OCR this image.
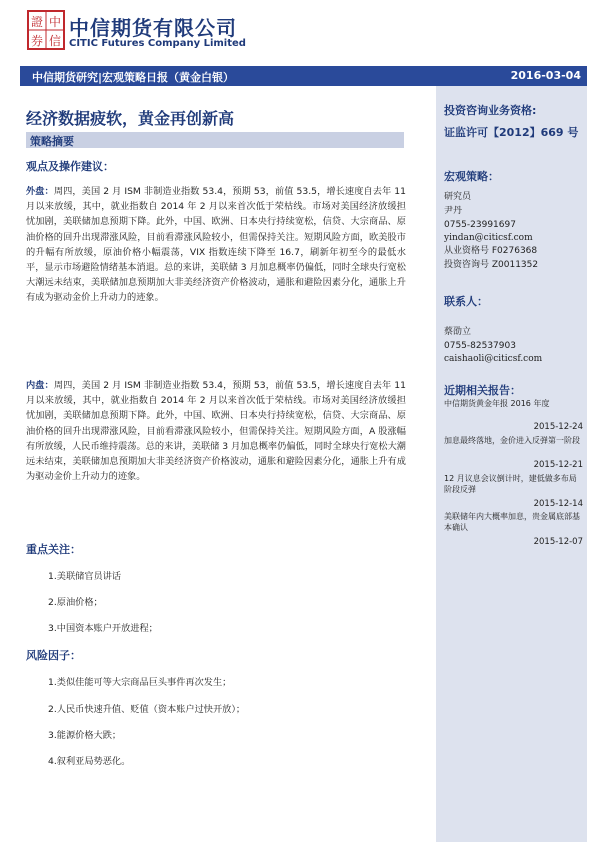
證 中
券 信
中信期货有限公司
CITIC Futures Company Limited
中信期货研究|宏观策略日报（黄金白银）	2016-03-04
经济数据疲软，黄金再创新高
策略摘要
观点及操作建议：
外盘：周四，美国 2 月 ISM 非制造业指数 53.4，预期 53，前值 53.5，增长速度自去年 11 月以来放缓，其中，就业指数自 2014 年 2 月以来首次低于荣枯线。市场对美国经济放缓担忧加剧，美联储加息预期下降。此外，中国、欧洲、日本央行持续宽松，信贷、大宗商品、原油价格的回升出现滞涨风险，目前看滞涨风险较小，但需保持关注。短期风险方面，欧美股市的升幅有所放缓，原油价格小幅震荡，VIX 指数连续下降至 16.7，刷新年初至今的最低水平，显示市场避险情绪基本消退。总的来讲，美联储 3 月加息概率仍偏低，同时全球央行宽松大潮远未结束，美联储加息预期加大非美经济资产价格波动，通胀和避险因素分化，通胀上升有成为驱动金价上升动力的迹象。
内盘：周四，美国 2 月 ISM 非制造业指数 53.4，预期 53，前值 53.5，增长速度自去年 11 月以来放缓，其中，就业指数自 2014 年 2 月以来首次低于荣枯线。市场对美国经济放缓担忧加剧，美联储加息预期下降。此外，中国、欧洲、日本央行持续宽松，信贷、大宗商品、原油价格的回升出现滞涨风险，目前看滞涨风险较小，但需保持关注。短期风险方面，A 股涨幅有所放缓，人民币维持震荡。总的来讲，美联储 3 月加息概率仍偏低，同时全球央行宽松大潮远未结束，美联储加息预期加大非美经济资产价格波动，通胀和避险因素分化，通胀上升有成为驱动金价上升动力的迹象。
重点关注：
1.美联储官员讲话
2.原油价格；
3.中国资本账户开放进程；
风险因子：
1.类似佳能可等大宗商品巨头事件再次发生；
2.人民币快速升值、贬值（资本账户过快开放）；
3.能源价格大跌；
4.叙利亚局势恶化。
投资咨询业务资格:
证监许可【2012】669 号
宏观策略：
研究员
尹丹
0755-23991697
yindan@citicsf.com
从业资格号 F0276368
投资咨询号 Z0011352
联系人：
蔡劭立
0755-82537903
caishaoli@citicsf.com
近期相关报告：
中信期货黄金年报 2016 年度
2015-12-24
加息最终落地，金价进入反弹第一阶段
2015-12-21
12 月议息会议倒计时，建低做多布局阶段反弹
2015-12-14
美联储年内大概率加息，贵金属底部基本确认
2015-12-07
